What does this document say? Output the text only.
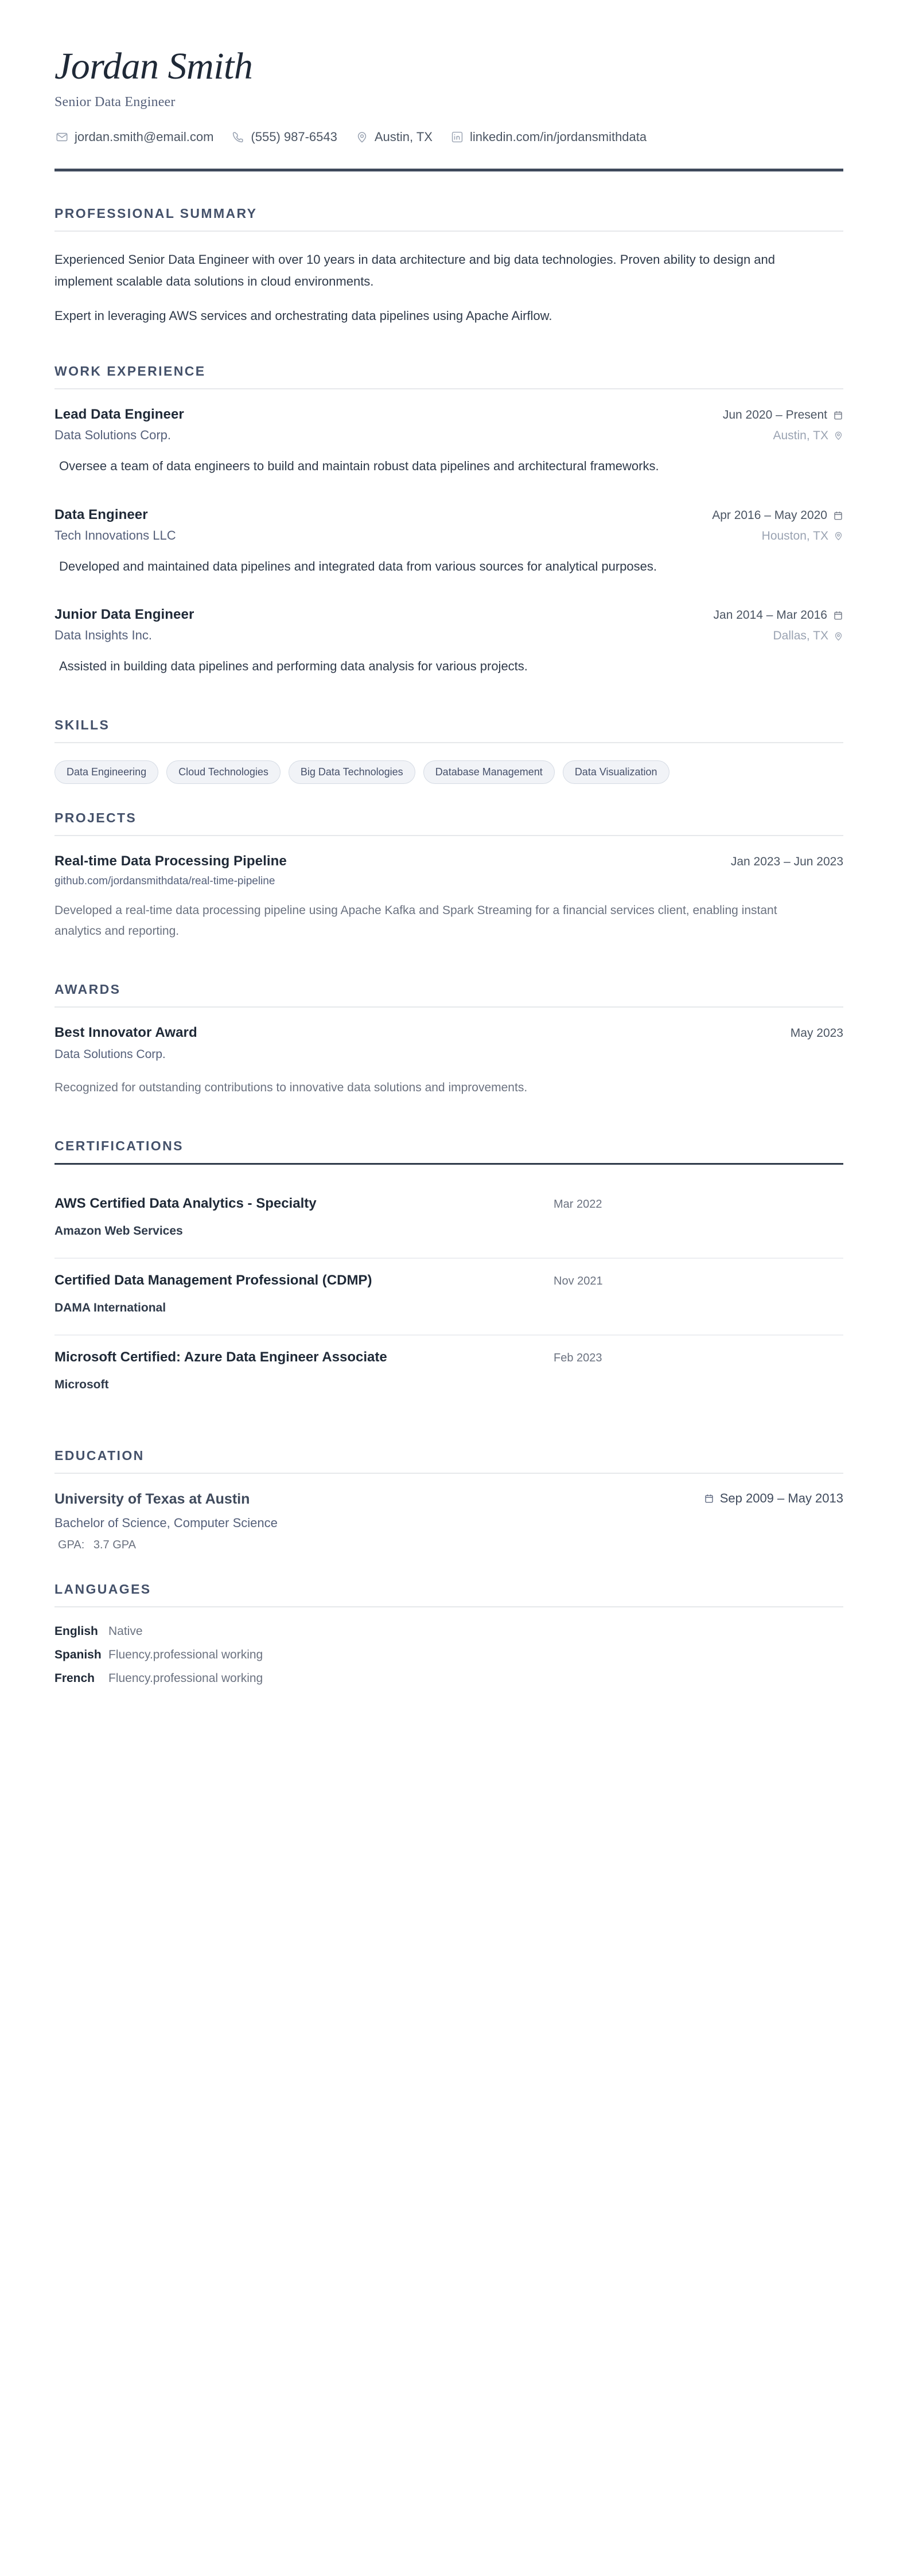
Jordan Smith
Senior Data Engineer
jordan.smith@email.com	(555) 987-6543	Austin, TX	linkedin.com/in/jordansmithdata
PROFESSIONAL SUMMARY

Experienced Senior Data Engineer with over 10 years in data architecture and big data technologies. Proven ability to design and implement scalable data solutions in cloud environments.

Expert in leveraging AWS services and orchestrating data pipelines using Apache Airflow.

WORK EXPERIENCE
Lead Data Engineer	Jun 2020 – Present
Data Solutions Corp.	Austin, TX
Oversee a team of data engineers to build and maintain robust data pipelines and architectural frameworks.
Data Engineer	Apr 2016 – May 2020
Tech Innovations LLC	Houston, TX
Developed and maintained data pipelines and integrated data from various sources for analytical purposes.
Junior Data Engineer	Jan 2014 – Mar 2016
Data Insights Inc.	Dallas, TX
Assisted in building data pipelines and performing data analysis for various projects.
SKILLS
Data Engineering	Cloud Technologies	Big Data Technologies	Database Management	Data Visualization
PROJECTS
Real-time Data Processing Pipeline	Jan 2023 – Jun 2023
github.com/jordansmithdata/real-time-pipeline
Developed a real-time data processing pipeline using Apache Kafka and Spark Streaming for a financial services client, enabling instant analytics and reporting.
AWARDS
Best Innovator Award	May 2023
Data Solutions Corp.
Recognized for outstanding contributions to innovative data solutions and improvements.
CERTIFICATIONS
AWS Certified Data Analytics - Specialty	Mar 2022
Amazon Web Services
Certified Data Management Professional (CDMP)	Nov 2021
DAMA International
Microsoft Certified: Azure Data Engineer Associate	Feb 2023
Microsoft
EDUCATION
University of Texas at Austin	Sep 2009 – May 2013
Bachelor of Science, Computer Science
GPA: 3.7 GPA
LANGUAGES
English Native
Spanish Fluency.professional working
French Fluency.professional working
